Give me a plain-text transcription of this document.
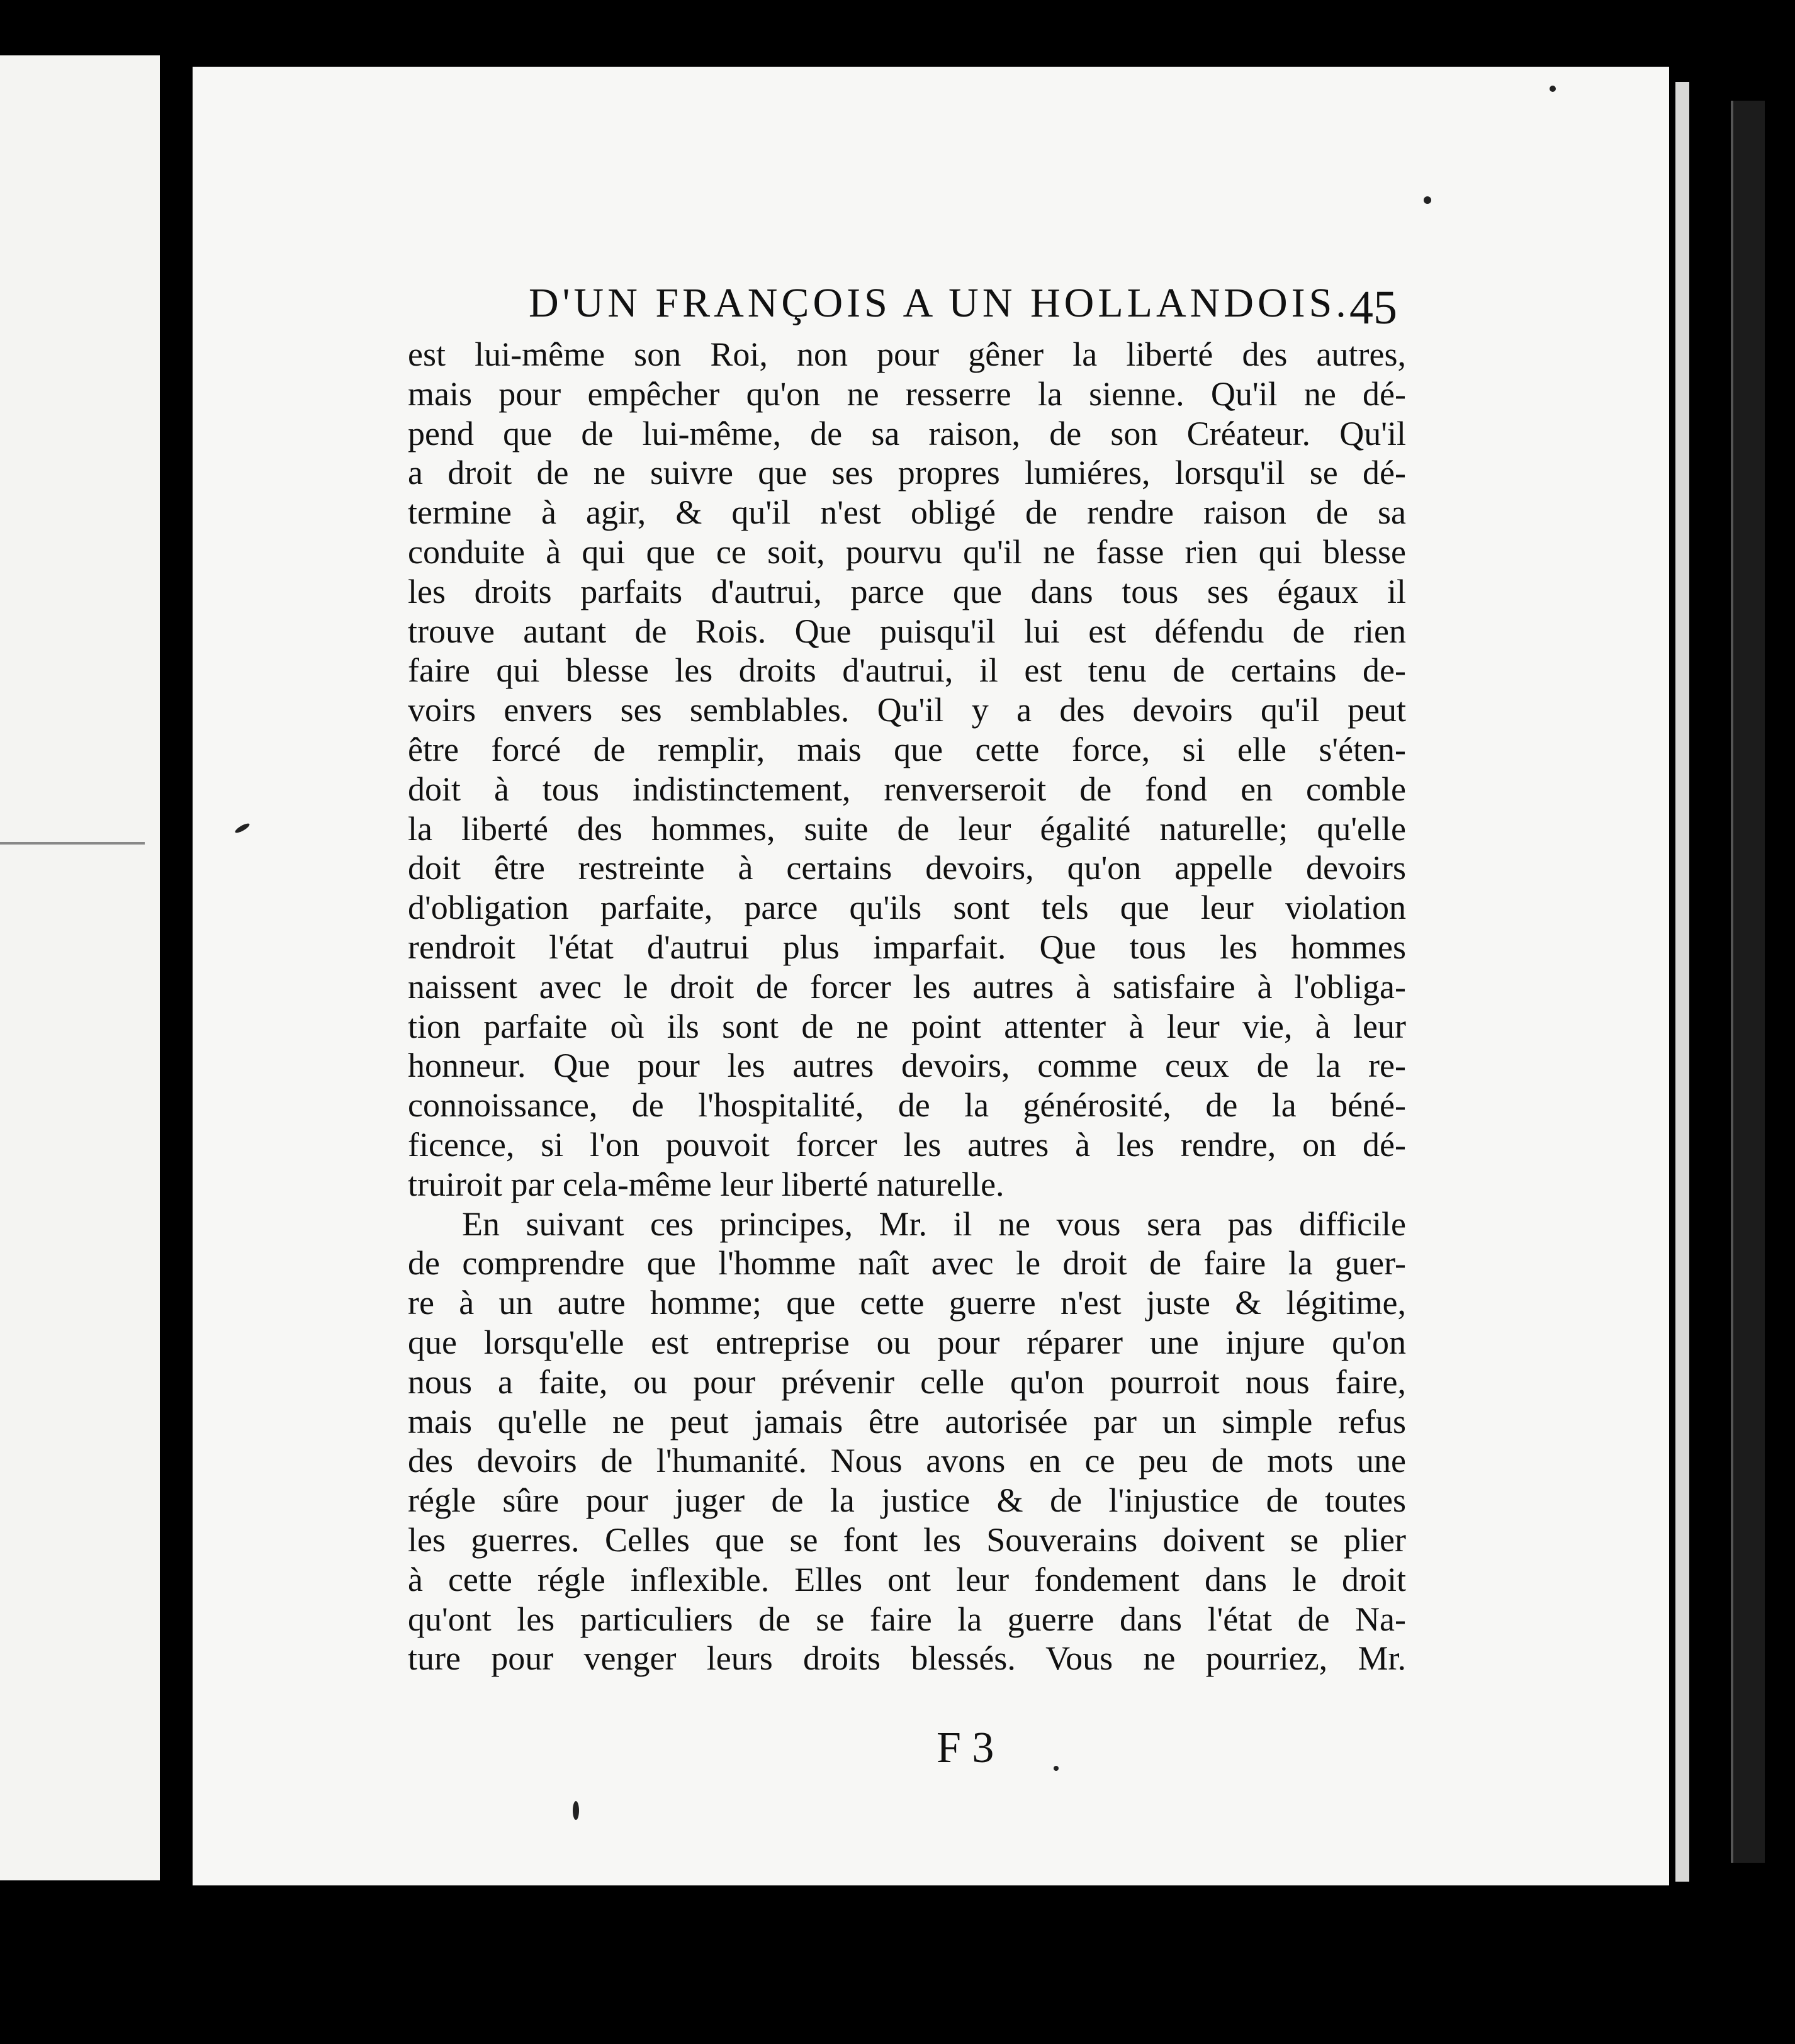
D'UN FRANÇOIS A UN HOLLANDOIS. 45
est lui-même son Roi, non pour gêner la liberté des autres,
mais pour empêcher qu'on ne resserre la sienne. Qu'il ne dé-
pend que de lui-même, de sa raison, de son Créateur. Qu'il
a droit de ne suivre que ses propres lumiéres, lorsqu'il se dé-
termine à agir, & qu'il n'est obligé de rendre raison de sa
conduite à qui que ce soit, pourvu qu'il ne fasse rien qui blesse
les droits parfaits d'autrui, parce que dans tous ses égaux il
trouve autant de Rois. Que puisqu'il lui est défendu de rien
faire qui blesse les droits d'autrui, il est tenu de certains de-
voirs envers ses semblables. Qu'il y a des devoirs qu'il peut
être forcé de remplir, mais que cette force, si elle s'éten-
doit à tous indistinctement, renverseroit de fond en comble
la liberté des hommes, suite de leur égalité naturelle; qu'elle
doit être restreinte à certains devoirs, qu'on appelle devoirs
d'obligation parfaite, parce qu'ils sont tels que leur violation
rendroit l'état d'autrui plus imparfait. Que tous les hommes
naissent avec le droit de forcer les autres à satisfaire à l'obliga-
tion parfaite où ils sont de ne point attenter à leur vie, à leur
honneur. Que pour les autres devoirs, comme ceux de la re-
connoissance, de l'hospitalité, de la générosité, de la béné-
ficence, si l'on pouvoit forcer les autres à les rendre, on dé-
truiroit par cela-même leur liberté naturelle.
En suivant ces principes, Mr. il ne vous sera pas difficile
de comprendre que l'homme naît avec le droit de faire la guer-
re à un autre homme; que cette guerre n'est juste & légitime,
que lorsqu'elle est entreprise ou pour réparer une injure qu'on
nous a faite, ou pour prévenir celle qu'on pourroit nous faire,
mais qu'elle ne peut jamais être autorisée par un simple refus
des devoirs de l'humanité. Nous avons en ce peu de mots une
régle sûre pour juger de la justice & de l'injustice de toutes
les guerres. Celles que se font les Souverains doivent se plier
à cette régle inflexible. Elles ont leur fondement dans le droit
qu'ont les particuliers de se faire la guerre dans l'état de Na-
ture pour venger leurs droits blessés. Vous ne pourriez, Mr.
F 3
